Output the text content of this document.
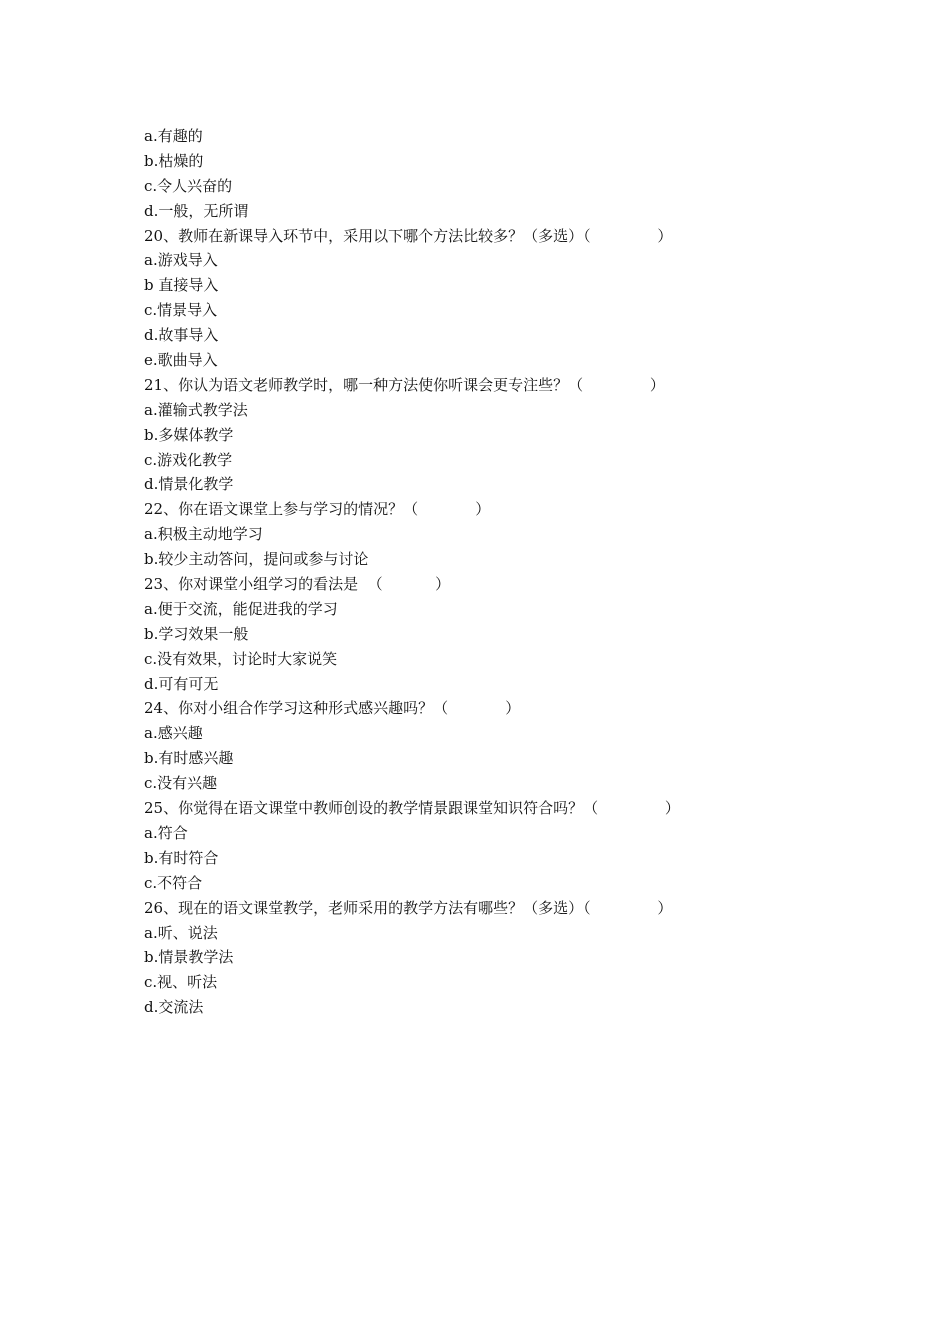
a.有趣的
b.枯燥的
c.令人兴奋的
d.一般，无所谓
20、教师在新课导入环节中，采用以下哪个方法比较多？（多选）（              ）
a.游戏导入
b 直接导入
c.情景导入
d.故事导入
e.歌曲导入
21、你认为语文老师教学时，哪一种方法使你听课会更专注些？（              ）
a.灌输式教学法
b.多媒体教学
c.游戏化教学
d.情景化教学
22、你在语文课堂上参与学习的情况？（            ）
a.积极主动地学习
b.较少主动答问，提问或参与讨论
23、你对课堂小组学习的看法是  （           ）
a.便于交流，能促进我的学习
b.学习效果一般
c.没有效果，讨论时大家说笑
d.可有可无
24、你对小组合作学习这种形式感兴趣吗？（            ）
a.感兴趣
b.有时感兴趣
c.没有兴趣
25、你觉得在语文课堂中教师创设的教学情景跟课堂知识符合吗？（              ）
a.符合
b.有时符合
c.不符合
26、现在的语文课堂教学，老师采用的教学方法有哪些？（多选）（              ）
a.听、说法
b.情景教学法
c.视、听法
d.交流法
